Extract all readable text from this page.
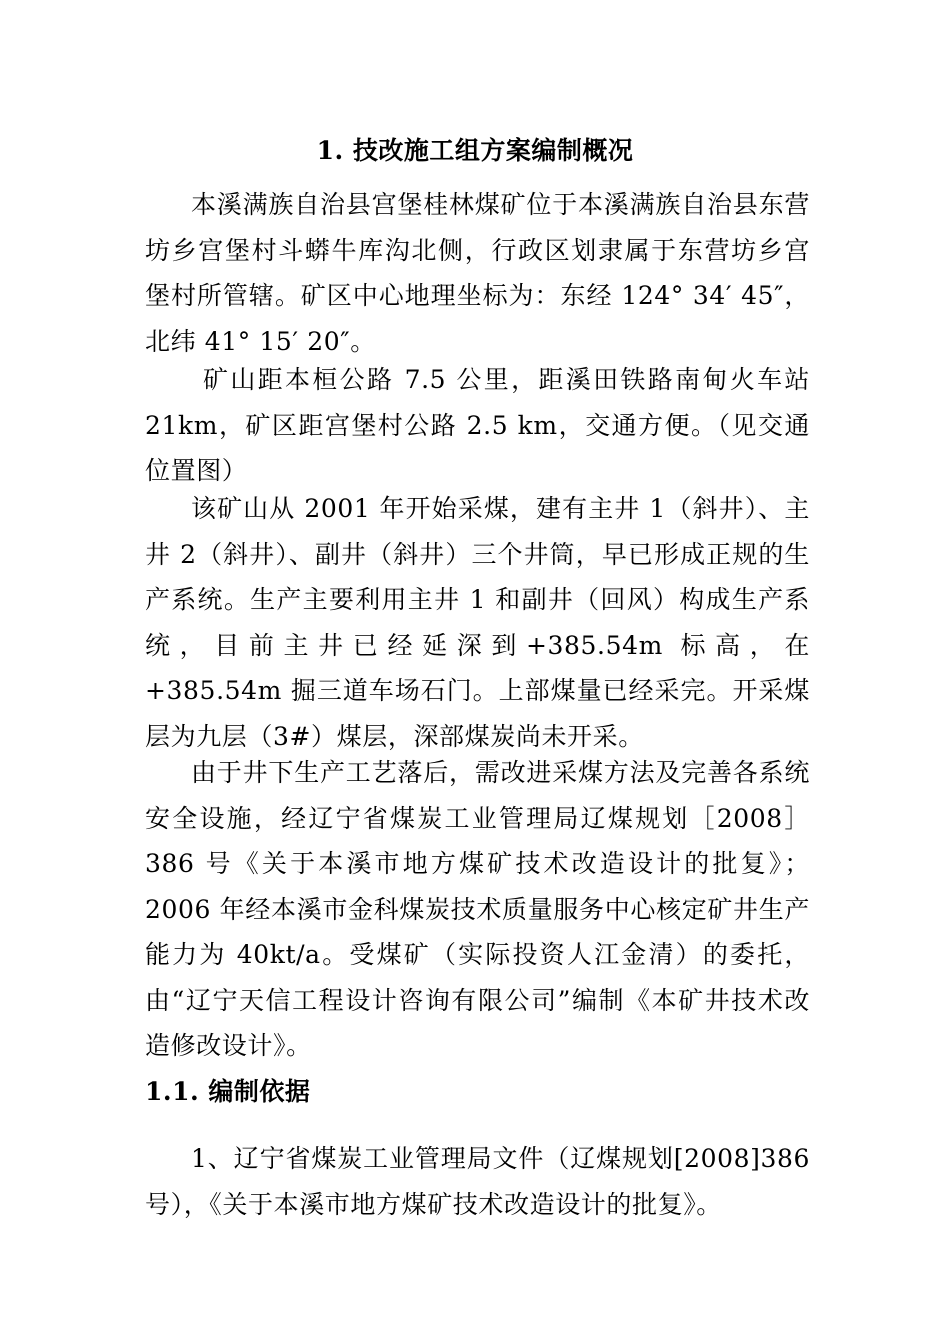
1. 技改施工组方案编制概况

本溪满族自治县宫堡桂林煤矿位于本溪满族自治县东营坊乡宫堡村斗蟒牛库沟北侧，行政区划隶属于东营坊乡宫堡村所管辖。矿区中心地理坐标为：东经 124° 34′ 45″，北纬 41° 15′ 20″。

矿山距本桓公路 7.5 公里，距溪田铁路南甸火车站 21km，矿区距宫堡村公路 2.5 km，交通方便。（见交通位置图）

该矿山从 2001 年开始采煤，建有主井 1（斜井）、主井 2（斜井）、副井（斜井）三个井筒，早已形成正规的生产系统。生产主要利用主井 1 和副井（回风）构成生产系统，目前主井已经延深到+385.54m 标高，在+385.54m 掘三道车场石门。上部煤量已经采完。开采煤层为九层（3#）煤层，深部煤炭尚未开采。

由于井下生产工艺落后，需改进采煤方法及完善各系统安全设施，经辽宁省煤炭工业管理局辽煤规划［2008］386 号《关于本溪市地方煤矿技术改造设计的批复》；2006 年经本溪市金科煤炭技术质量服务中心核定矿井生产能力为 40kt/a。受煤矿（实际投资人江金清）的委托，由“辽宁天信工程设计咨询有限公司”编制《本矿井技术改造修改设计》。

1.1. 编制依据

1、辽宁省煤炭工业管理局文件（辽煤规划[2008]386 号），《关于本溪市地方煤矿技术改造设计的批复》。
